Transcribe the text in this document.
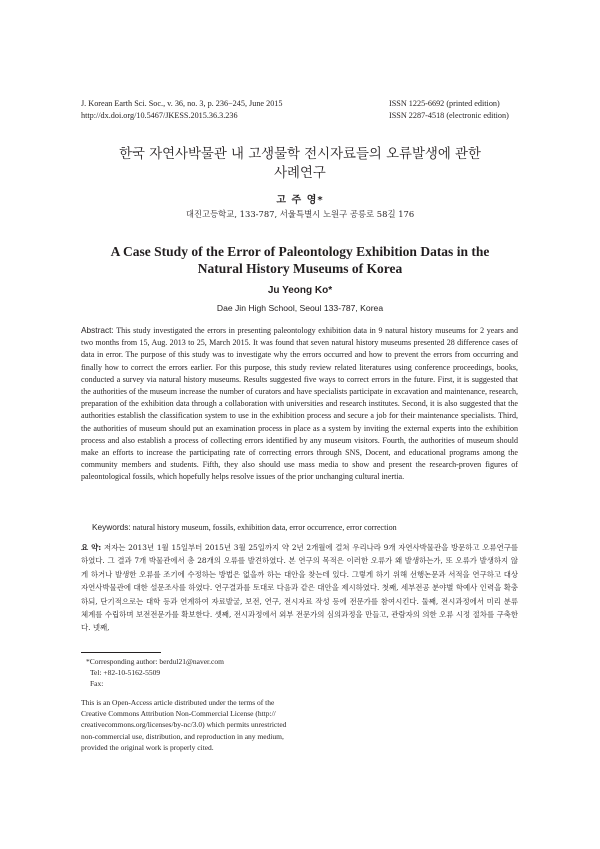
J. Korean Earth Sci. Soc., v. 36, no. 3, p. 236−245, June 2015
http://dx.doi.org/10.5467/JKESS.2015.36.3.236
ISSN 1225-6692 (printed edition)
ISSN 2287-4518 (electronic edition)
한국 자연사박물관 내 고생물학 전시자료들의 오류발생에 관한
사례연구
고 주 영*
대진고등학교, 133-787, 서울특별시 노원구 공릉로 58길 176
A Case Study of the Error of Paleontology Exhibition Datas in the
Natural History Museums of Korea
Ju Yeong Ko*
Dae Jin High School, Seoul 133-787, Korea
Abstract: This study investigated the errors in presenting paleontology exhibition data in 9 natural history museums for 2 years and two months from 15, Aug. 2013 to 25, March 2015. It was found that seven natural history museums presented 28 difference cases of data in error. The purpose of this study was to investigate why the errors occurred and how to prevent the errors from occurring and finally how to correct the errors earlier. For this purpose, this study review related literatures using conference proceedings, books, conducted a survey via natural history museums. Results suggested five ways to correct errors in the future. First, it is suggested that the authorities of the museum increase the number of curators and have specialists participate in excavation and maintenance, research, preparation of the exhibition data through a collaboration with universities and research institutes. Second, it is also suggested that the authorities establish the classification system to use in the exhibition process and secure a job for their maintenance specialists. Third, the authorities of museum should put an examination process in place as a system by inviting the external experts into the exhibition process and also establish a process of collecting errors identified by any museum visitors. Fourth, the authorities of museum should make an efforts to increase the participating rate of correcting errors through SNS, Docent, and educational programs among the community members and students. Fifth, they also should use mass media to show and present the research-proven figures of paleontological fossils, which hopefully helps resolve issues of the prior unchanging cultural inertia.
Keywords: natural history museum, fossils, exhibition data, error occurrence, error correction
요 약: 저자는 2013년 1월 15일부터 2015년 3월 25일까지 약 2년 2개월에 걸쳐 우리나라 9개 자연사박물관을 방문하고 오류연구를 하였다. 그 결과 7개 박물관에서 총 28개의 오류를 발견하였다. 본 연구의 목적은 이러한 오류가 왜 발생하는가, 또 오류가 발생하지 않게 하거나 발생한 오류를 조기에 수정하는 방법은 없을까 하는 대안을 찾는데 있다. 그렇게 하기 위해 선행논문과 서적을 연구하고 대상 자연사박물관에 대한 설문조사를 하였다. 연구결과를 토대로 다음과 같은 대안을 제시하였다. 첫째, 세부전공 분야별 학예사 인력을 확충하되, 단기적으로는 대학 등과 연계하여 자료발굴, 보전, 연구, 전시자료 작성 등에 전문가를 참여시킨다. 둘째, 전시과정에서 미리 분류체계를 수립하며 보전전문가를 확보한다. 셋째, 전시과정에서 외부 전문가의 심의과정을 만들고, 관람자의 의한 오류 시정 절차를 구축한다. 넷째,
*Corresponding author: berdul21@naver.com
Tel: +82-10-5162-5509
Fax:
This is an Open-Access article distributed under the terms of the
Creative Commons Attribution Non-Commercial License (http://
creativecommons.org/licenses/by-nc/3.0) which permits unrestricted
non-commercial use, distribution, and reproduction in any medium,
provided the original work is properly cited.
